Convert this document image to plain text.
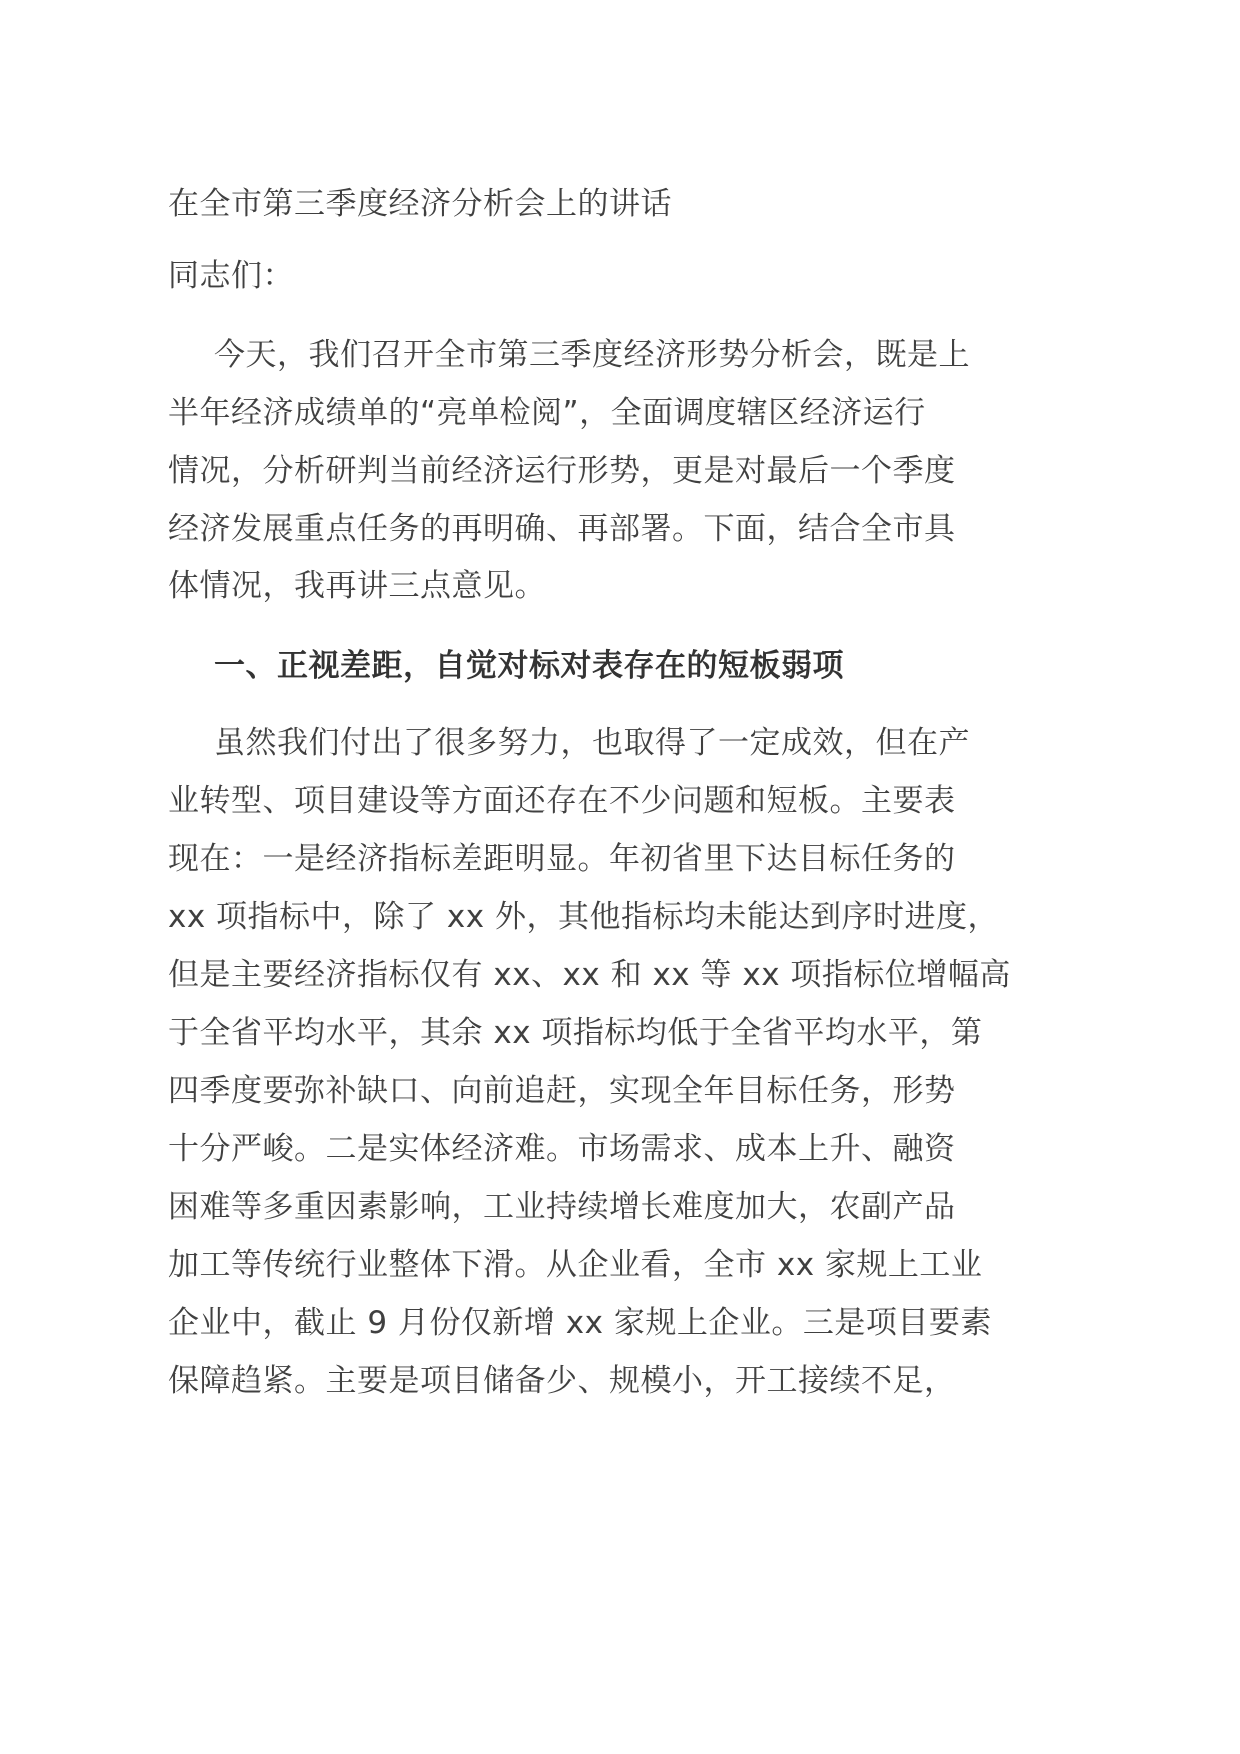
在全市第三季度经济分析会上的讲话
同志们：
今天，我们召开全市第三季度经济形势分析会，既是上
半年经济成绩单的“亮单检阅”，全面调度辖区经济运行
情况，分析研判当前经济运行形势，更是对最后一个季度
经济发展重点任务的再明确、再部署。下面，结合全市具
体情况，我再讲三点意见。
一、正视差距，自觉对标对表存在的短板弱项
虽然我们付出了很多努力，也取得了一定成效，但在产
业转型、项目建设等方面还存在不少问题和短板。主要表
现在：一是经济指标差距明显。年初省里下达目标任务的
xx 项指标中，除了 xx 外，其他指标均未能达到序时进度，
但是主要经济指标仅有 xx、xx 和 xx 等 xx 项指标位增幅高
于全省平均水平，其余 xx 项指标均低于全省平均水平，第
四季度要弥补缺口、向前追赶，实现全年目标任务，形势
十分严峻。二是实体经济难。市场需求、成本上升、融资
困难等多重因素影响，工业持续增长难度加大，农副产品
加工等传统行业整体下滑。从企业看，全市 xx 家规上工业
企业中，截止 9 月份仅新增 xx 家规上企业。三是项目要素
保障趋紧。主要是项目储备少、规模小，开工接续不足，
